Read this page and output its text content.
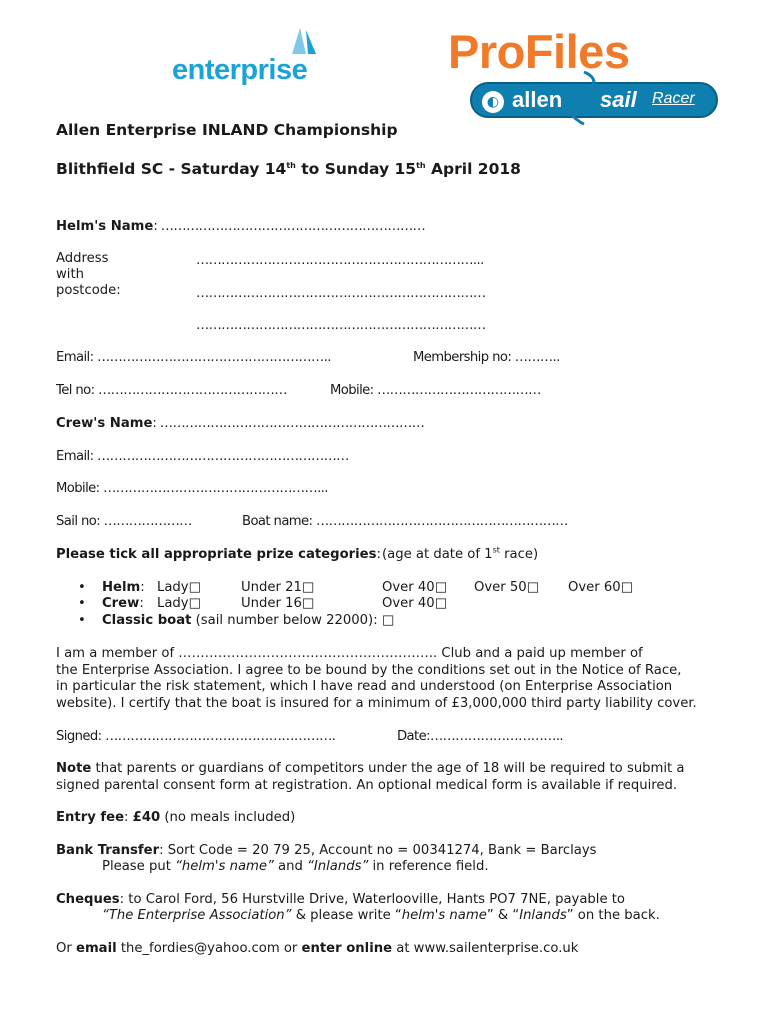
enterprise	ProFiles
◐ allen sail Racer
Allen Enterprise INLAND Championship
Blithfield SC - Saturday 14th to Sunday 15th April 2018
Helm's Name: ………………………………………………………
Address
with
postcode:
…………………………………………………………...
……………………………………………………………
……………………………………………………………
Email: ………………………………………………..	Membership no: ………..
Tel no: ………………………………………	Mobile: …………………………………
Crew's Name: ………………………………………………………
Email: ……………………………………………………
Mobile: ……………………………………………...
Sail no: …………………	Boat name: ……………………………………………………
Please tick all appropriate prize categories: (age at date of 1st race)
• Helm: Lady□	Under 21□	Over 40□ Over 50□ Over 60□
• Crew: Lady□	Under 16□	Over 40□
• Classic boat (sail number below 22000): □
I am a member of ………………………………………………….. Club and a paid up member of
the Enterprise Association. I agree to be bound by the conditions set out in the Notice of Race,
in particular the risk statement, which I have read and understood (on Enterprise Association
website). I certify that the boat is insured for a minimum of £3,000,000 third party liability cover.
Signed: ……………………………………………….	Date:…………………………..
Note that parents or guardians of competitors under the age of 18 will be required to submit a
signed parental consent form at registration. An optional medical form is available if required.
Entry fee: £40 (no meals included)
Bank Transfer: Sort Code = 20 79 25, Account no = 00341274, Bank = Barclays
Please put “helm's name” and “Inlands” in reference field.
Cheques: to Carol Ford, 56 Hurstville Drive, Waterlooville, Hants PO7 7NE, payable to
“The Enterprise Association” & please write “helm's name” & “Inlands” on the back.
Or email the_fordies@yahoo.com or enter online at www.sailenterprise.co.uk
